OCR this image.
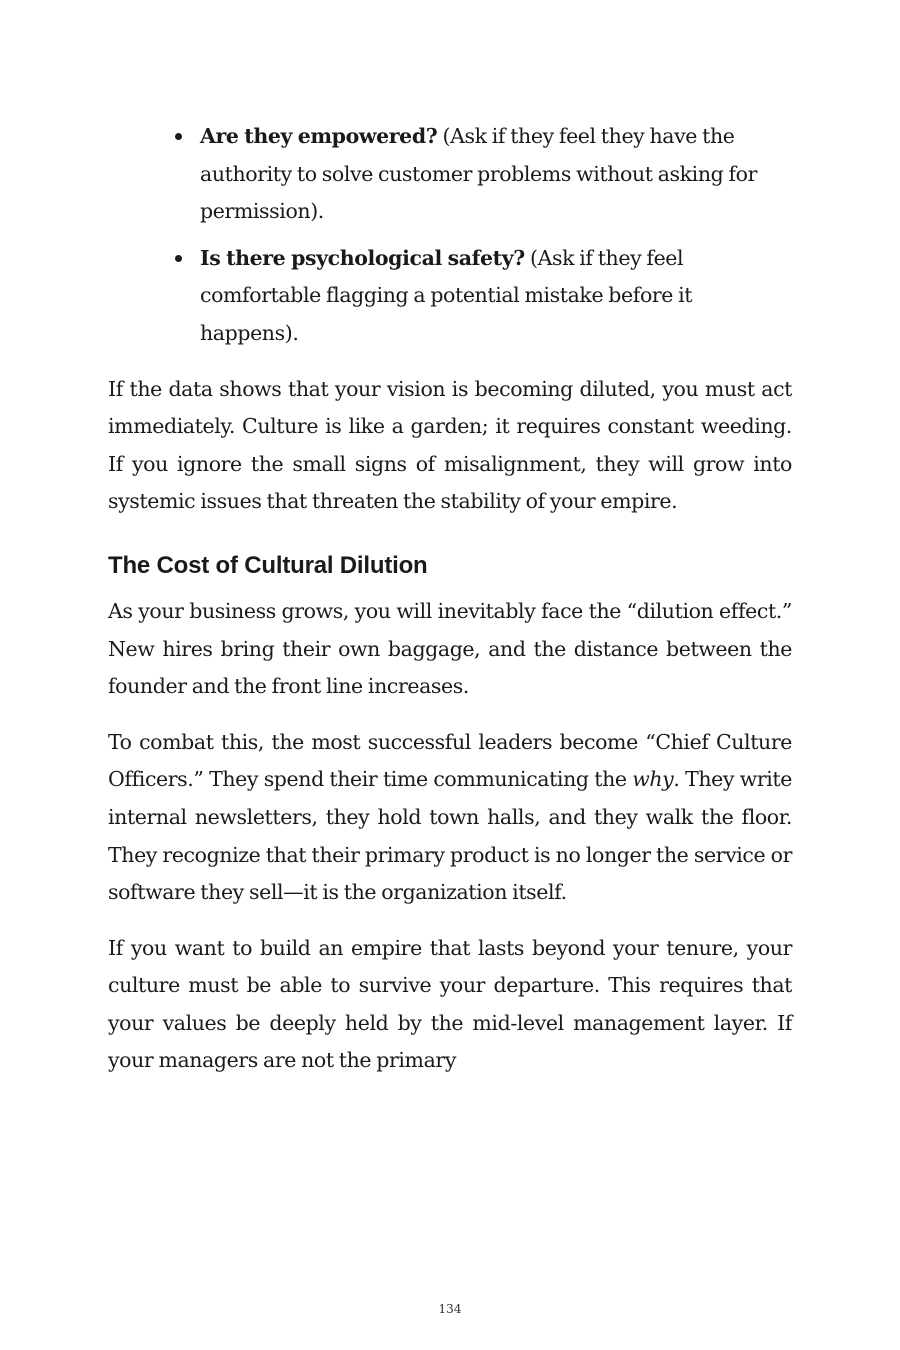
Are they empowered? (Ask if they feel they have the authority to solve customer problems without asking for permission).
Is there psychological safety? (Ask if they feel comfortable flagging a potential mistake before it happens).

If the data shows that your vision is becoming diluted, you must act immediately. Culture is like a garden; it requires constant weeding. If you ignore the small signs of misalignment, they will grow into systemic issues that threaten the stability of your empire.

The Cost of Cultural Dilution

As your business grows, you will inevitably face the “dilution effect.” New hires bring their own baggage, and the distance between the founder and the front line increases.

To combat this, the most successful leaders become “Chief Culture Officers.” They spend their time communicating the why. They write internal newsletters, they hold town halls, and they walk the floor. They recognize that their primary product is no longer the service or software they sell—it is the organization itself.

If you want to build an empire that lasts beyond your tenure, your culture must be able to survive your departure. This requires that your values be deeply held by the mid-level management layer. If your managers are not the primary

134
